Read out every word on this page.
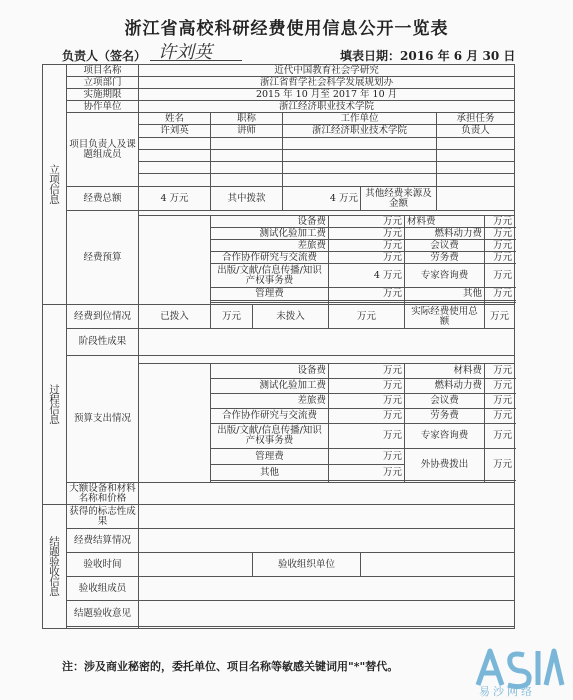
浙江省高校科研经费使用信息公开一览表
负责人（签名） 许刘英	填表日期：2016 年 6 月 30 日
立项信息	项目名称	近代中国教育社会学研究								
	立项部门	浙江省哲学社会科学发展规划办								
	实施期限	2015 年 10 月至 2017 年 10 月								
	协作单位	浙江经济职业技术学院								
	项目负责人及课题组成员	姓名	职称		工作单位				承担任务	
		许刘英	讲师		浙江经济职业技术学院				负责人	

	经费总额	4 万元	其中拨款		4 万元		其他经费来源及金额			
	经费预算									
			设备费			万元		材料费		万元
			测试化验加工费			万元		燃料动力费		万元
			差旅费			万元		会议费		万元
			合作协作研究与交流费			万元		劳务费		万元
			出版/文献/信息传播/知识产权事务费			4 万元		专家咨询费		万元

			管理费			万元		其他		万元

过程信息	经费到位情况	已拨入	万元	未拨入		万元		实际经费使用总额		万元
	阶段性成果									
	预算支出情况									
			设备费			万元		材料费		万元
			测试化验加工费			万元		燃料动力费		万元
			差旅费			万元		会议费		万元
			合作协作研究与交流费			万元		劳务费		万元
			出版/文献/信息传播/知识产权事务费			万元		专家咨询费		万元
			管理费			万元		外协费拨出		万元
			其他			万元				

	大额设备和材料名称和价格									
结题验收信息	获得的标志性成果									
	经费结算情况									
	验收时间			验收组织单位						
	验收组成员									
	结题验收意见									

注：涉及商业秘密的，委托单位、项目名称等敏感关键词用"*"替代。
易沙网络
